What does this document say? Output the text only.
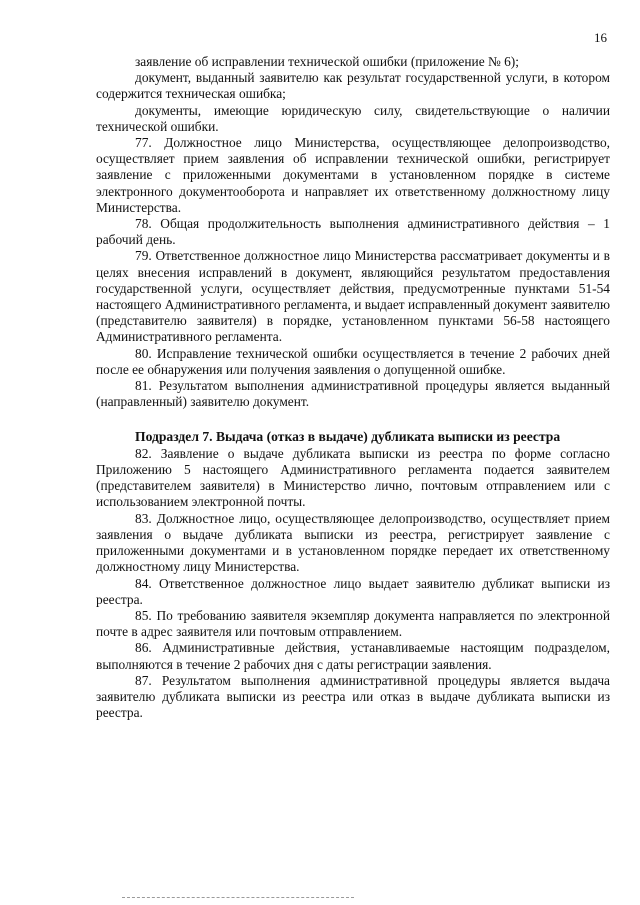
16

заявление об исправлении технической ошибки (приложение № 6);

документ, выданный заявителю как результат государственной услуги, в котором содержится техническая ошибка;

документы, имеющие юридическую силу, свидетельствующие о наличии технической ошибки.

77. Должностное лицо Министерства, осуществляющее делопроизводство, осуществляет прием заявления об исправлении технической ошибки, регистрирует заявление с приложенными документами в установленном порядке в системе электронного документооборота и направляет их ответственному должностному лицу Министерства.

78. Общая продолжительность выполнения административного действия – 1 рабочий день.

79. Ответственное должностное лицо Министерства рассматривает документы и в целях внесения исправлений в документ, являющийся результатом предоставления государственной услуги, осуществляет действия, предусмотренные пунктами 51-54 настоящего Административного регламента, и выдает исправленный документ заявителю (представителю заявителя) в порядке, установленном пунктами 56-58 настоящего Административного регламента.

80. Исправление технической ошибки осуществляется в течение 2 рабочих дней после ее обнаружения или получения заявления о допущенной ошибке.

81. Результатом выполнения административной процедуры является выданный (направленный) заявителю документ.

Подраздел 7. Выдача (отказ в выдаче) дубликата выписки из реестра

82. Заявление о выдаче дубликата выписки из реестра по форме согласно Приложению 5 настоящего Административного регламента подается заявителем (представителем заявителя) в Министерство лично, почтовым отправлением или с использованием электронной почты.

83. Должностное лицо, осуществляющее делопроизводство, осуществляет прием заявления о выдаче дубликата выписки из реестра, регистрирует заявление с приложенными документами и в установленном порядке передает их ответственному должностному лицу Министерства.

84. Ответственное должностное лицо выдает заявителю дубликат выписки из реестра.

85. По требованию заявителя экземпляр документа направляется по электронной почте в адрес заявителя или почтовым отправлением.

86. Административные действия, устанавливаемые настоящим подразделом, выполняются в течение 2 рабочих дня с даты регистрации заявления.

87. Результатом выполнения административной процедуры является выдача заявителю дубликата выписки из реестра или отказ в выдаче дубликата выписки из реестра.
